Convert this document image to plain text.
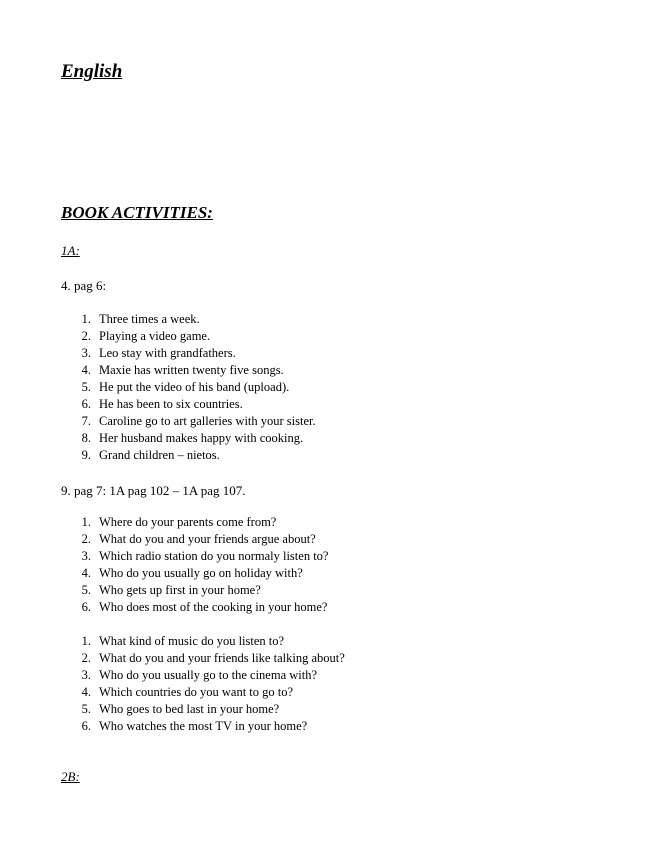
English

BOOK ACTIVITIES:

1A:

4. pag 6:

1. Three times a week.
2. Playing a video game.
3. Leo stay with grandfathers.
4. Maxie has written twenty five songs.
5. He put the video of his band (upload).
6. He has been to six countries.
7. Caroline go to art galleries with your sister.
8. Her husband makes happy with cooking.
9. Grand children – nietos.

9. pag 7: 1A pag 102 – 1A pag 107.

1. Where do your parents come from?
2. What do you and your friends argue about?
3. Which radio station do you normaly listen to?
4. Who do you usually go on holiday with?
5. Who gets up first in your home?
6. Who does most of the cooking in your home?
1. What kind of music do you listen to?
2. What do you and your friends like talking about?
3. Who do you usually go to the cinema with?
4. Which countries do you want to go to?
5. Who goes to bed last in your home?
6. Who watches the most TV in your home?

2B:
